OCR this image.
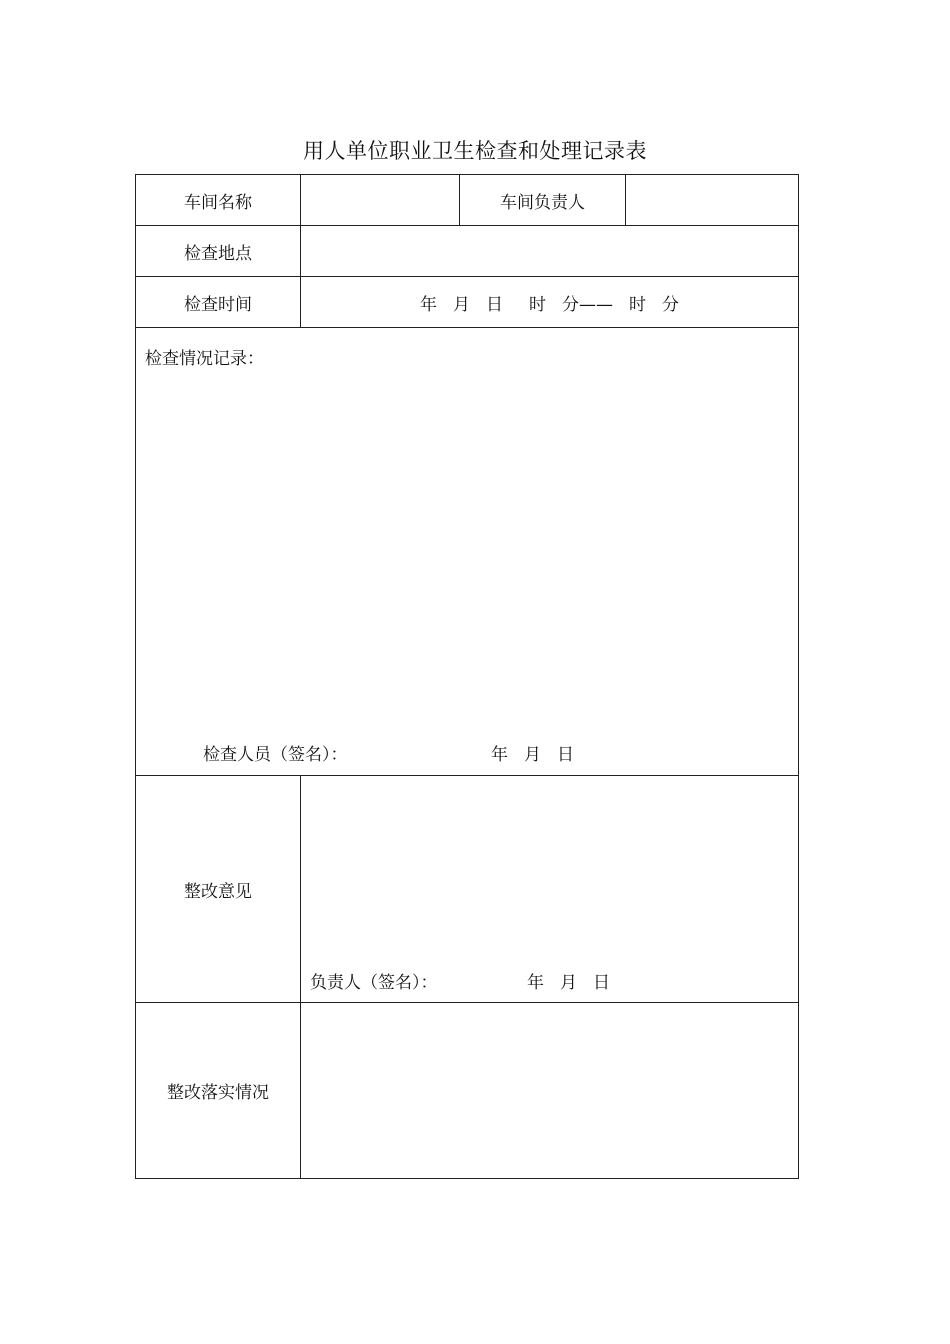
用人单位职业卫生检查和处理记录表
车间名称		车间负责人	
检查地点			
检查时间	年 月 日 时 分—— 时 分		

检查情况记录：
检查人员（签名）： 年 月 日			

整改意见	负责人（签名）： 年 月 日		

整改落实情况			
